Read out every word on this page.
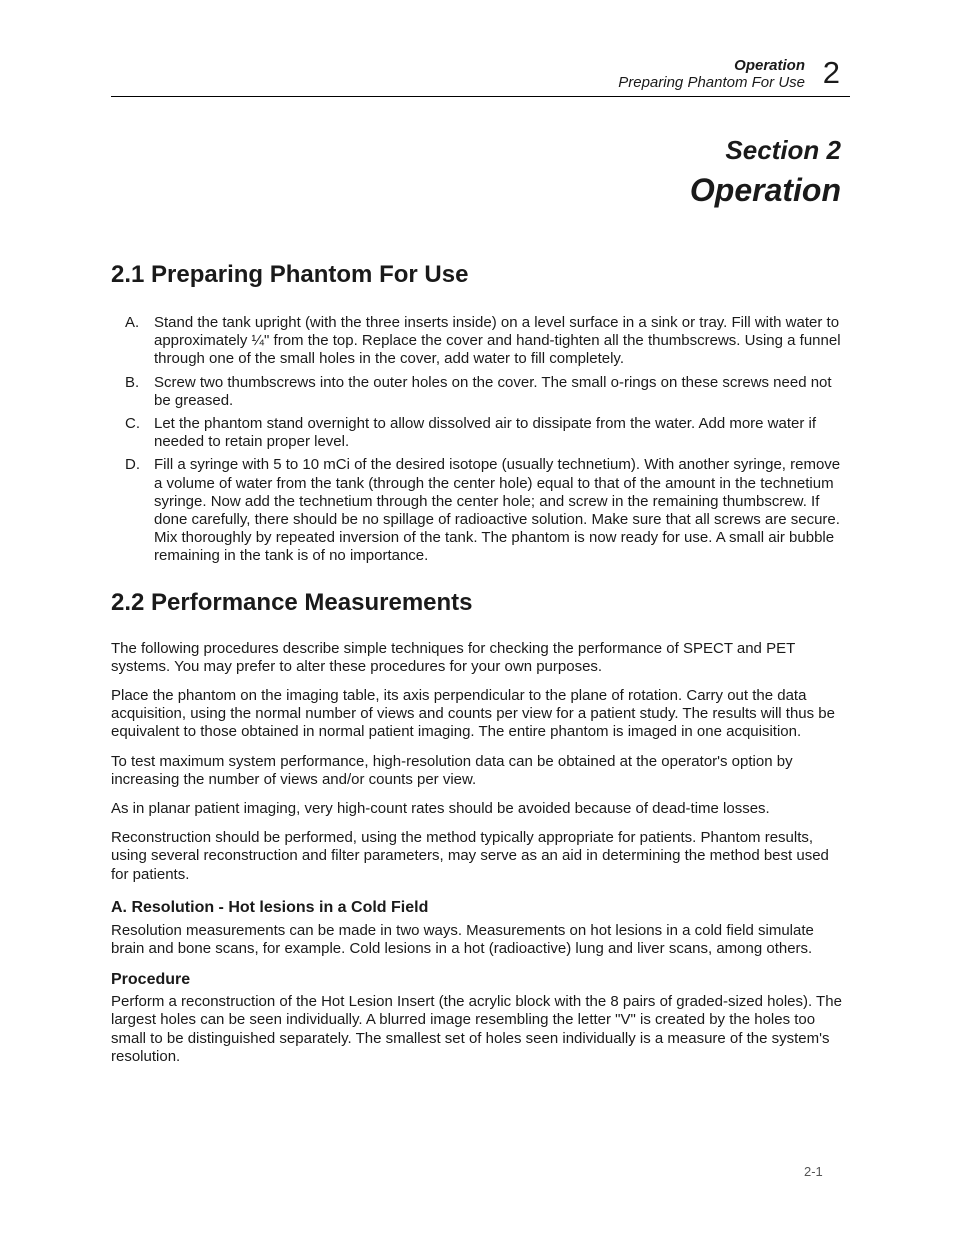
Operation
Preparing Phantom For Use 2
Section 2
Operation
2.1 Preparing Phantom For Use
A. Stand the tank upright (with the three inserts inside) on a level surface in a sink or tray. Fill with water to approximately ¼" from the top. Replace the cover and hand-tighten all the thumbscrews. Using a funnel through one of the small holes in the cover, add water to fill completely.
B. Screw two thumbscrews into the outer holes on the cover. The small o-rings on these screws need not be greased.
C. Let the phantom stand overnight to allow dissolved air to dissipate from the water. Add more water if needed to retain proper level.
D. Fill a syringe with 5 to 10 mCi of the desired isotope (usually technetium). With another syringe, remove a volume of water from the tank (through the center hole) equal to that of the amount in the technetium syringe. Now add the technetium through the center hole; and screw in the remaining thumbscrew. If done carefully, there should be no spillage of radioactive solution. Make sure that all screws are secure. Mix thoroughly by repeated inversion of the tank. The phantom is now ready for use. A small air bubble remaining in the tank is of no importance.
2.2 Performance Measurements

The following procedures describe simple techniques for checking the performance of SPECT and PET systems. You may prefer to alter these procedures for your own purposes.

Place the phantom on the imaging table, its axis perpendicular to the plane of rotation. Carry out the data acquisition, using the normal number of views and counts per view for a patient study. The results will thus be equivalent to those obtained in normal patient imaging. The entire phantom is imaged in one acquisition.

To test maximum system performance, high-resolution data can be obtained at the operator's option by increasing the number of views and/or counts per view.

As in planar patient imaging, very high-count rates should be avoided because of dead-time losses.

Reconstruction should be performed, using the method typically appropriate for patients. Phantom results, using several reconstruction and filter parameters, may serve as an aid in determining the method best used for patients.

A. Resolution - Hot lesions in a Cold Field

Resolution measurements can be made in two ways. Measurements on hot lesions in a cold field simulate brain and bone scans, for example. Cold lesions in a hot (radioactive) lung and liver scans, among others.

Procedure

Perform a reconstruction of the Hot Lesion Insert (the acrylic block with the 8 pairs of graded-sized holes). The largest holes can be seen individually. A blurred image resembling the letter "V" is created by the holes too small to be distinguished separately. The smallest set of holes seen individually is a measure of the system's resolution.

2-1
